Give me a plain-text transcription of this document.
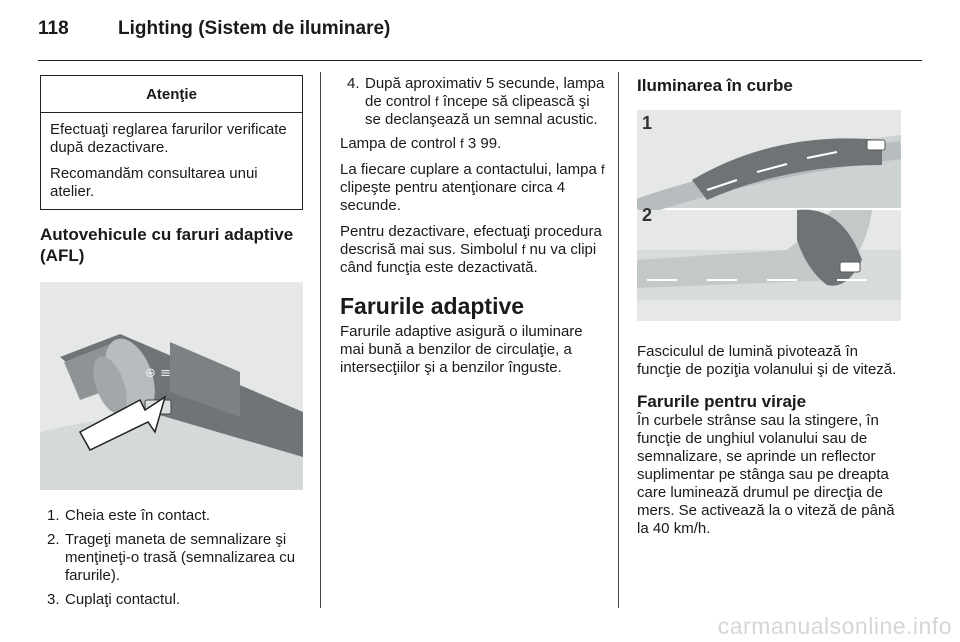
118	Lighting (Sistem de iluminare)
Atenţie

Efectuaţi reglarea farurilor verificate după dezactivare.

Recomandăm consultarea unui atelier.

Autovehicule cu faruri adaptive (AFL)
⊕ ≡
1. Cheia este în contact.
2. Trageţi maneta de semnalizare şi menţineţi-o trasă (semnalizarea cu farurile).
3. Cuplaţi contactul.
4. După aproximativ 5 secunde, lampa de control f începe să clipească şi se declanşează un semnal acustic.

Lampa de control f 3 99.

La fiecare cuplare a contactului, lampa f clipeşte pentru atenţionare circa 4 secunde.

Pentru dezactivare, efectuaţi procedura descrisă mai sus. Simbolul f nu va clipi când funcţia este dezactivată.

Farurile adaptive

Farurile adaptive asigură o iluminare mai bună a benzilor de circulaţie, a intersecţiilor şi a benzilor înguste.

Iluminarea în curbe
1
2

Fasciculul de lumină pivotează în funcţie de poziţia volanului şi de viteză.

Farurile pentru viraje

În curbele strânse sau la stingere, în funcţie de unghiul volanului sau de semnalizare, se aprinde un reflector suplimentar pe stânga sau pe dreapta care luminează drumul pe direcţia de mers. Se activează la o viteză de până la 40 km/h.

carmanualsonline.info
